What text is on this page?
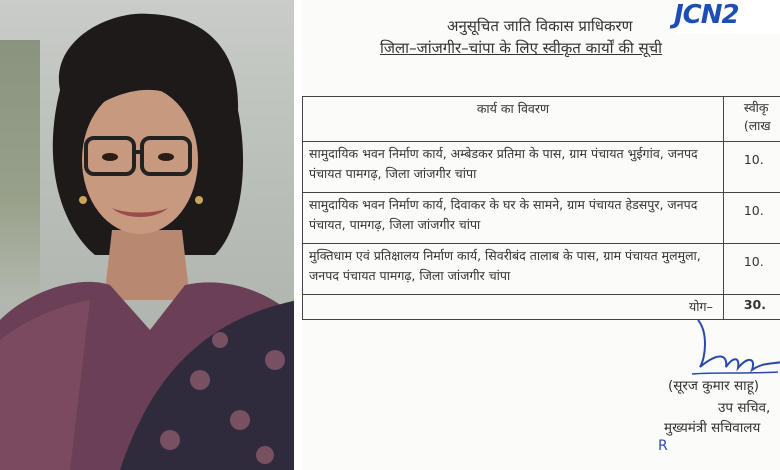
अनुसूचित जाति विकास प्राधिकरण
जिला–जांजगीर–चांपा के लिए स्वीकृत कार्यों की सूची
JCN2
कार्य का विवरण	स्वीकृ
(लाख
सामुदायिक भवन निर्माण कार्य, अम्बेडकर प्रतिमा के पास, ग्राम पंचायत भुईगांव, जनपद पंचायत पामगढ़, जिला जांजगीर चांपा	10.
सामुदायिक भवन निर्माण कार्य, दिवाकर के घर के सामने, ग्राम पंचायत हेडसपुर, जनपद पंचायत, पामगढ़, जिला जांजगीर चांपा	10.
मुक्तिधाम एवं प्रतिक्षालय निर्माण कार्य, सिवरीबंद तालाब के पास, ग्राम पंचायत मुलमुला, जनपद पंचायत पामगढ़, जिला जांजगीर चांपा	10.
योग–	30.
(सूरज कुमार साहू)
उप सचिव,
मुख्यमंत्री सचिवालय
R
